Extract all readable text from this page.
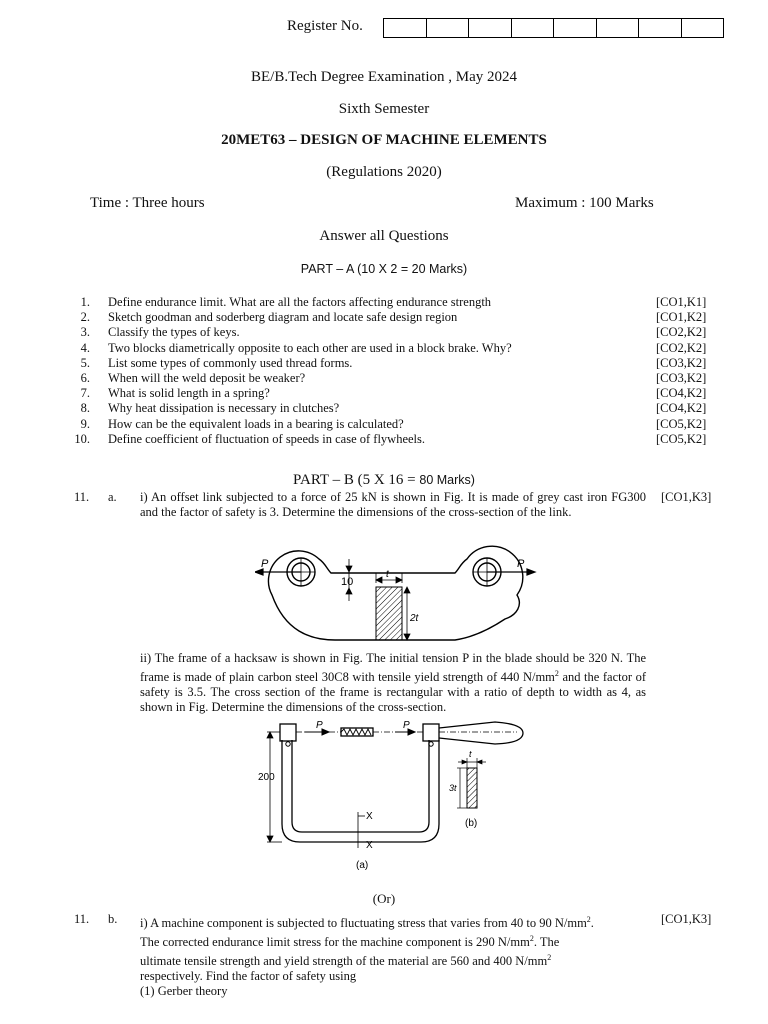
Register No.
BE/B.Tech Degree Examination , May 2024
Sixth Semester
20MET63 – DESIGN OF MACHINE ELEMENTS
(Regulations 2020)
Time : Three hours	Maximum : 100 Marks
Answer all Questions
PART – A (10 X 2 = 20 Marks)
1. Define endurance limit. What are all the factors affecting endurance strength	[CO1,K1]
2. Sketch goodman and soderberg diagram and locate safe design region	[CO1,K2]
3. Classify the types of keys.	[CO2,K2]
4. Two blocks diametrically opposite to each other are used in a block brake. Why?	[CO2,K2]
5. List some types of commonly used thread forms.	[CO3,K2]
6. When will the weld deposit be weaker?	[CO3,K2]
7. What is solid length in a spring?	[CO4,K2]
8. Why heat dissipation is necessary in clutches?	[CO4,K2]
9. How can be the equivalent loads in a bearing is calculated?	[CO5,K2]
10. Define coefficient of fluctuation of speeds in case of flywheels.	[CO5,K2]
PART – B (5 X 16 = 80 Marks)
11. a.	[CO1,K3]
i) An offset link subjected to a force of 25 kN is shown in Fig. It is made of grey cast iron FG300 and the factor of safety is 3. Determine the dimensions of the cross-section of the link.
P	P
10
t
2t
ii) The frame of a hacksaw is shown in Fig. The initial tension P in the blade should be 320 N. The frame is made of plain carbon steel 30C8 with tensile yield strength of 440 $N/mm^2$ and the factor of safety is 3.5. The cross section of the frame is rectangular with a ratio of depth to width as 4, as shown in Fig. Determine the dimensions of the cross-section.
200
P	P
X
X
t
3t
(a)
(b)
(Or)
11. b.	[CO1,K3]
i) A machine component is subjected to fluctuating stress that varies from 40 to 90 $N/mm^2$.
The corrected endurance limit stress for the machine component is 290 $N/mm^2$. The
ultimate tensile strength and yield strength of the material are 560 and 400 $N/mm^2$
respectively. Find the factor of safety using
(1) Gerber theory
